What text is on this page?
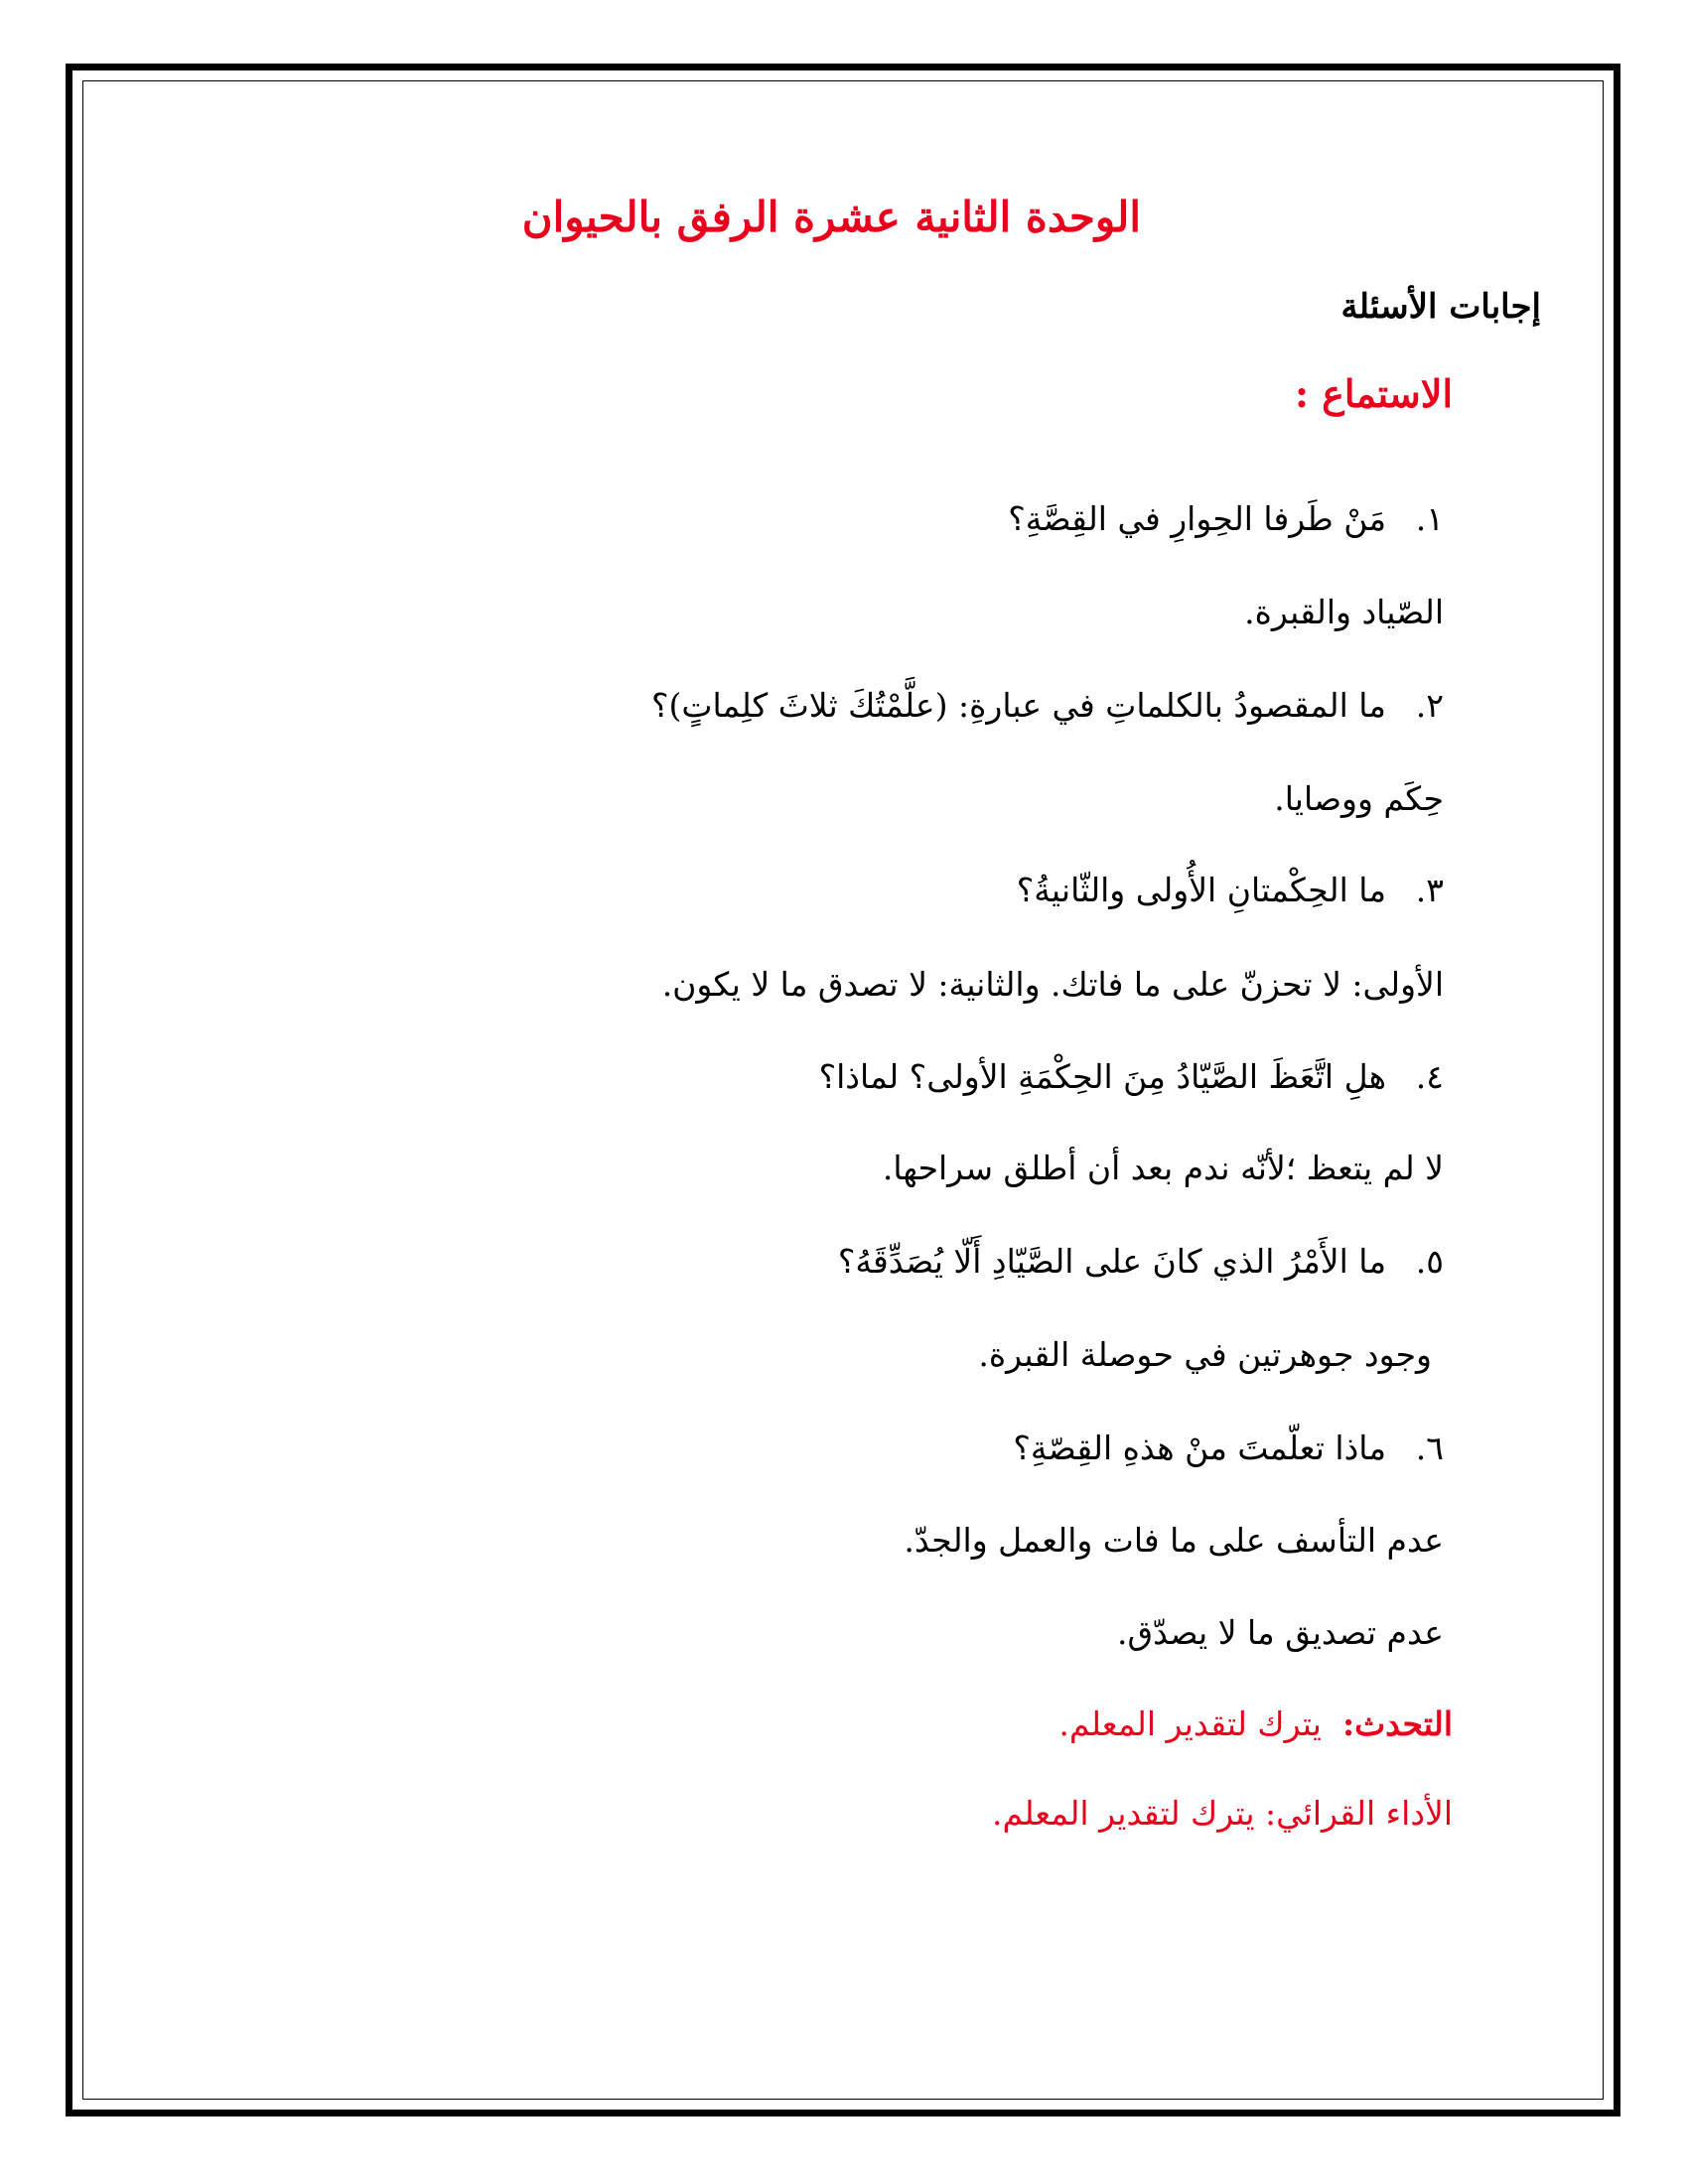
الوحدة الثانية عشرة الرفق بالحيوان
إجابات الأسئلة
الاستماع :
١.مَنْ طَرفا الحِوارِ في القِصَّةِ؟
الصّياد والقبرة.
٢.ما المقصودُ بالكلماتِ في عبارةِ: (علَّمْتُكَ ثلاثَ كلِماتٍ)؟
حِكَم ووصايا.
٣.ما الحِكْمتانِ الأُولى والثّانيةُ؟
الأولى: لا تحزنّ على ما فاتك. والثانية: لا تصدق ما لا يكون.
٤.هلِ اتَّعَظَ الصَّيّادُ مِنَ الحِكْمَةِ الأولى؟ لماذا؟
لا لم يتعظ ؛لأنّه ندم بعد أن أطلق سراحها.
٥.ما الأَمْرُ الذي كانَ على الصَّيّادِ أَلّا يُصَدِّقَهُ؟
وجود جوهرتين في حوصلة القبرة.
٦.ماذا تعلّمتَ منْ هذهِ القِصّةِ؟
عدم التأسف على ما فات والعمل والجدّ.
عدم تصديق ما لا يصدّق.
التحدث:  يترك لتقدير المعلم.
الأداء القرائي: يترك لتقدير المعلم.
